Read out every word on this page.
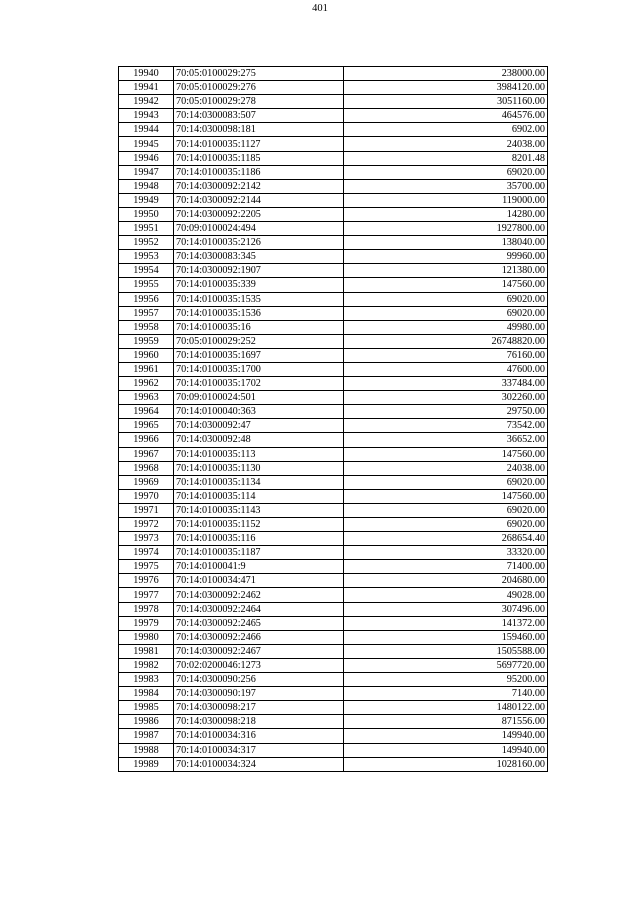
401
19940	70:05:0100029:275	238000.00
19941	70:05:0100029:276	3984120.00
19942	70:05:0100029:278	3051160.00
19943	70:14:0300083:507	464576.00
19944	70:14:0300098:181	6902.00
19945	70:14:0100035:1127	24038.00
19946	70:14:0100035:1185	8201.48
19947	70:14:0100035:1186	69020.00
19948	70:14:0300092:2142	35700.00
19949	70:14:0300092:2144	119000.00
19950	70:14:0300092:2205	14280.00
19951	70:09:0100024:494	1927800.00
19952	70:14:0100035:2126	138040.00
19953	70:14:0300083:345	99960.00
19954	70:14:0300092:1907	121380.00
19955	70:14:0100035:339	147560.00
19956	70:14:0100035:1535	69020.00
19957	70:14:0100035:1536	69020.00
19958	70:14:0100035:16	49980.00
19959	70:05:0100029:252	26748820.00
19960	70:14:0100035:1697	76160.00
19961	70:14:0100035:1700	47600.00
19962	70:14:0100035:1702	337484.00
19963	70:09:0100024:501	302260.00
19964	70:14:0100040:363	29750.00
19965	70:14:0300092:47	73542.00
19966	70:14:0300092:48	36652.00
19967	70:14:0100035:113	147560.00
19968	70:14:0100035:1130	24038.00
19969	70:14:0100035:1134	69020.00
19970	70:14:0100035:114	147560.00
19971	70:14:0100035:1143	69020.00
19972	70:14:0100035:1152	69020.00
19973	70:14:0100035:116	268654.40
19974	70:14:0100035:1187	33320.00
19975	70:14:0100041:9	71400.00
19976	70:14:0100034:471	204680.00
19977	70:14:0300092:2462	49028.00
19978	70:14:0300092:2464	307496.00
19979	70:14:0300092:2465	141372.00
19980	70:14:0300092:2466	159460.00
19981	70:14:0300092:2467	1505588.00
19982	70:02:0200046:1273	5697720.00
19983	70:14:0300090:256	95200.00
19984	70:14:0300090:197	7140.00
19985	70:14:0300098:217	1480122.00
19986	70:14:0300098:218	871556.00
19987	70:14:0100034:316	149940.00
19988	70:14:0100034:317	149940.00
19989	70:14:0100034:324	1028160.00
